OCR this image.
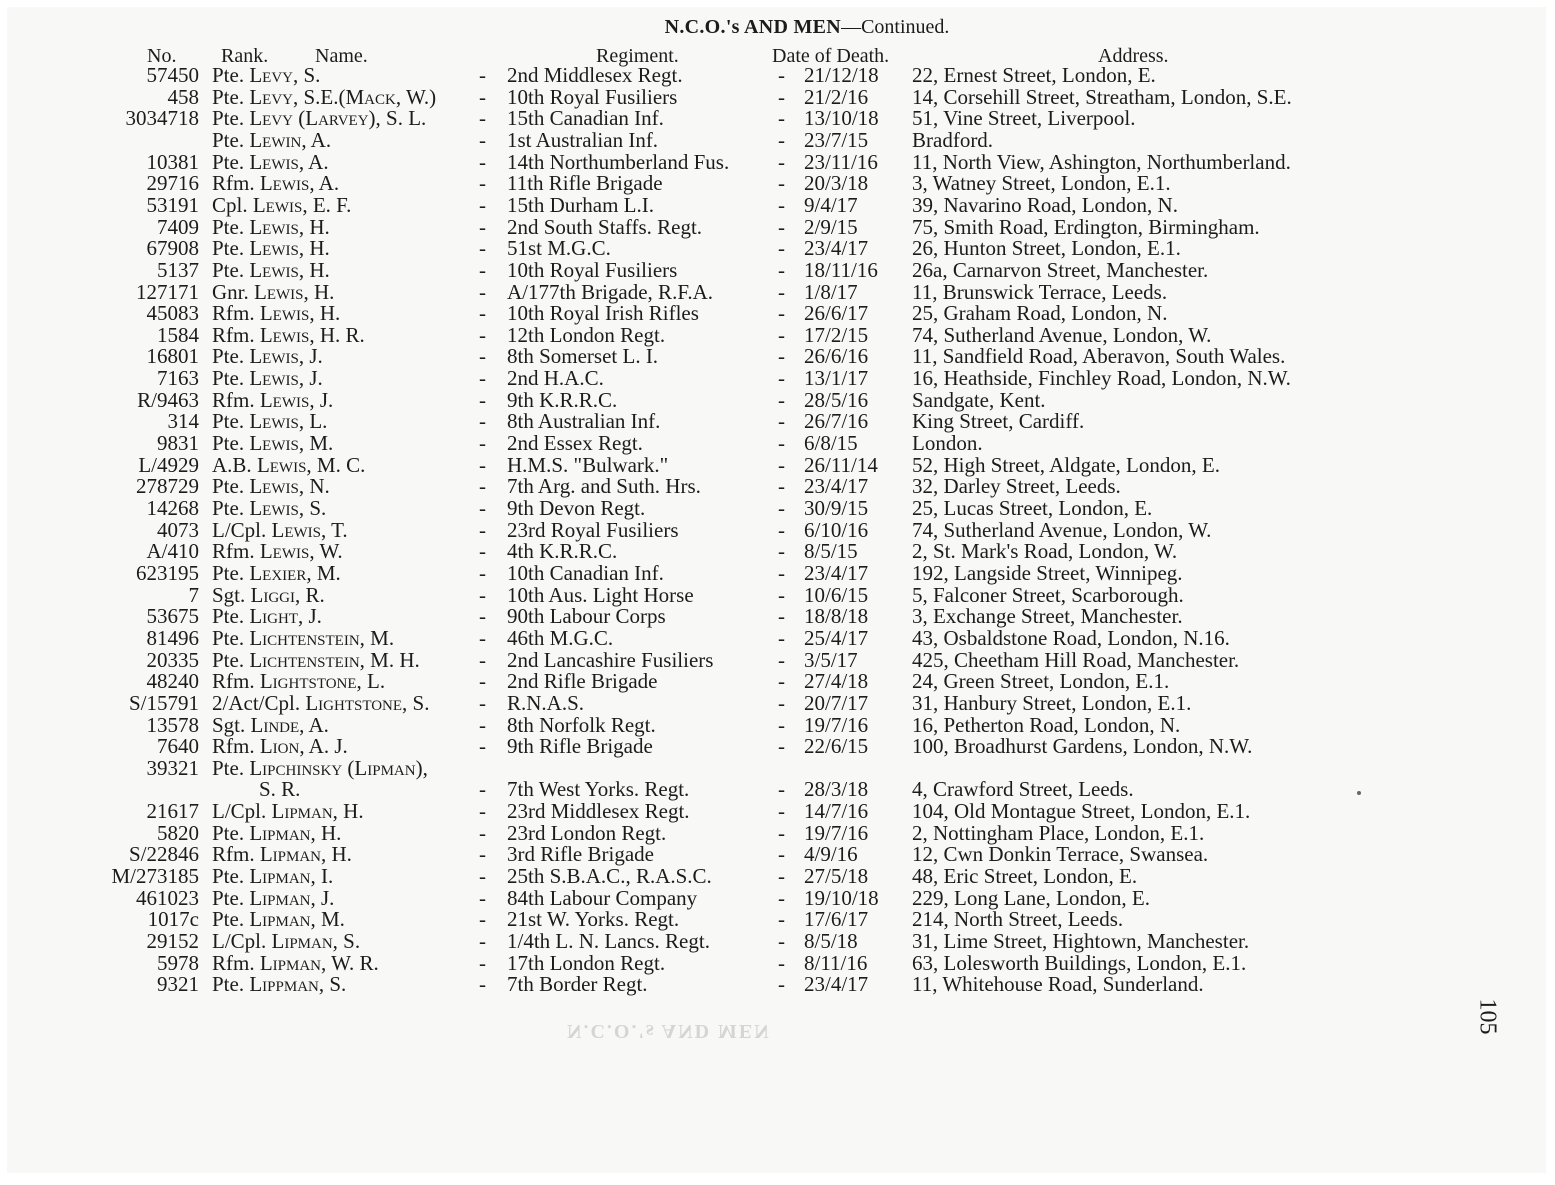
N.C.O.'s AND MEN—Continued.
No. Rank. Name.	Regiment.	Date of Death.	Address.
57450 Pte. Levy, S.	- 2nd Middlesex Regt.	- 21/12/18 22, Ernest Street, London, E.
458 Pte. Levy, S.E.(Mack, W.) - 10th Royal Fusiliers	- 21/2/16 14, Corsehill Street, Streatham, London, S.E.
3034718 Pte. Levy (Larvey), S. L.	- 15th Canadian Inf.	- 13/10/18 51, Vine Street, Liverpool.
Pte. Lewin, A.	- 1st Australian Inf.	- 23/7/15 Bradford.
10381 Pte. Lewis, A.	- 14th Northumberland Fus. - 23/11/16 11, North View, Ashington, Northumberland.
29716 Rfm. Lewis, A.	- 11th Rifle Brigade	- 20/3/18 3, Watney Street, London, E.1.
53191 Cpl. Lewis, E. F.	- 15th Durham L.I.	- 9/4/17	39, Navarino Road, London, N.
7409 Pte. Lewis, H.	- 2nd South Staffs. Regt.	- 2/9/15	75, Smith Road, Erdington, Birmingham.
67908 Pte. Lewis, H.	- 51st M.G.C.	- 23/4/17 26, Hunton Street, London, E.1.
5137 Pte. Lewis, H.	- 10th Royal Fusiliers	- 18/11/16 26a, Carnarvon Street, Manchester.
127171 Gnr. Lewis, H.	- A/177th Brigade, R.F.A.	- 1/8/17	11, Brunswick Terrace, Leeds.
45083 Rfm. Lewis, H.	- 10th Royal Irish Rifles	- 26/6/17 25, Graham Road, London, N.
1584 Rfm. Lewis, H. R.	- 12th London Regt.	- 17/2/15 74, Sutherland Avenue, London, W.
16801 Pte. Lewis, J.	- 8th Somerset L. I.	- 26/6/16 11, Sandfield Road, Aberavon, South Wales.
7163 Pte. Lewis, J.	- 2nd H.A.C.	- 13/1/17 16, Heathside, Finchley Road, London, N.W.
R/9463 Rfm. Lewis, J.	- 9th K.R.R.C.	- 28/5/16 Sandgate, Kent.
314 Pte. Lewis, L.	- 8th Australian Inf.	- 26/7/16 King Street, Cardiff.
9831 Pte. Lewis, M.	- 2nd Essex Regt.	- 6/8/15	London.
L/4929 A.B. Lewis, M. C.	- H.M.S. "Bulwark."	- 26/11/14 52, High Street, Aldgate, London, E.
278729 Pte. Lewis, N.	- 7th Arg. and Suth. Hrs.	- 23/4/17 32, Darley Street, Leeds.
14268 Pte. Lewis, S.	- 9th Devon Regt.	- 30/9/15 25, Lucas Street, London, E.
4073 L/Cpl. Lewis, T.	- 23rd Royal Fusiliers	- 6/10/16 74, Sutherland Avenue, London, W.
A/410 Rfm. Lewis, W.	- 4th K.R.R.C.	- 8/5/15	2, St. Mark's Road, London, W.
623195 Pte. Lexier, M.	- 10th Canadian Inf.	- 23/4/17 192, Langside Street, Winnipeg.
7 Sgt. Liggi, R.	- 10th Aus. Light Horse	- 10/6/15 5, Falconer Street, Scarborough.
53675 Pte. Light, J.	- 90th Labour Corps	- 18/8/18 3, Exchange Street, Manchester.
81496 Pte. Lichtenstein, M.	- 46th M.G.C.	- 25/4/17 43, Osbaldstone Road, London, N.16.
20335 Pte. Lichtenstein, M. H.	- 2nd Lancashire Fusiliers	- 3/5/17	425, Cheetham Hill Road, Manchester.
48240 Rfm. Lightstone, L.	- 2nd Rifle Brigade	- 27/4/18 24, Green Street, London, E.1.
S/15791 2/Act/Cpl. Lightstone, S. - R.N.A.S.	- 20/7/17 31, Hanbury Street, London, E.1.
13578 Sgt. Linde, A.	- 8th Norfolk Regt.	- 19/7/16 16, Petherton Road, London, N.
7640 Rfm. Lion, A. J.	- 9th Rifle Brigade	- 22/6/15 100, Broadhurst Gardens, London, N.W.
39321 Pte. Lipchinsky (Lipman),
S. R.	- 7th West Yorks. Regt.	- 28/3/18 4, Crawford Street, Leeds.
21617 L/Cpl. Lipman, H.	- 23rd Middlesex Regt.	- 14/7/16 104, Old Montague Street, London, E.1.
5820 Pte. Lipman, H.	- 23rd London Regt.	- 19/7/16 2, Nottingham Place, London, E.1.
S/22846 Rfm. Lipman, H.	- 3rd Rifle Brigade	- 4/9/16	12, Cwn Donkin Terrace, Swansea.
M/273185 Pte. Lipman, I.	- 25th S.B.A.C., R.A.S.C.	- 27/5/18 48, Eric Street, London, E.
461023 Pte. Lipman, J.	- 84th Labour Company	- 19/10/18 229, Long Lane, London, E.
1017c Pte. Lipman, M.	- 21st W. Yorks. Regt.	- 17/6/17 214, North Street, Leeds.
29152 L/Cpl. Lipman, S.	- 1/4th L. N. Lancs. Regt.	- 8/5/18	31, Lime Street, Hightown, Manchester.
5978 Rfm. Lipman, W. R.	- 17th London Regt.	- 8/11/16 63, Lolesworth Buildings, London, E.1.
9321 Pte. Lippman, S.	- 7th Border Regt.	- 23/4/17 11, Whitehouse Road, Sunderland.
105
N.C.O.'s AND MEN
